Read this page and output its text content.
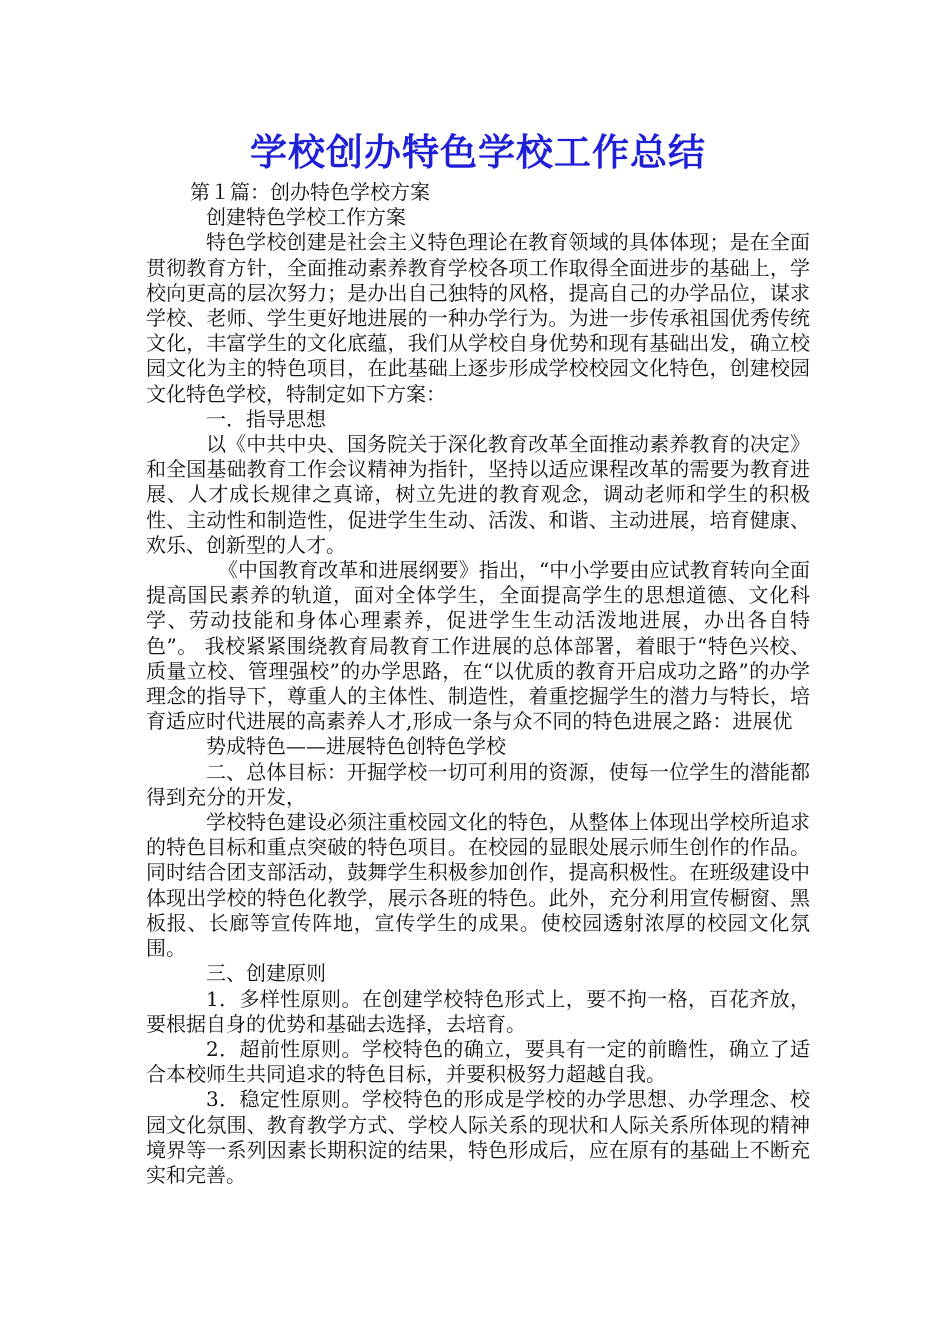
学校创办特色学校工作总结

第１篇：创办特色学校方案

创建特色学校工作方案

特色学校创建是社会主义特色理论在教育领域的具体体现；是在全面贯彻教育方针，全面推动素养教育学校各项工作取得全面进步的基础上，学校向更高的层次努力；是办出自己独特的风格，提高自己的办学品位，谋求学校、老师、学生更好地进展的一种办学行为。为进一步传承祖国优秀传统文化，丰富学生的文化底蕴，我们从学校自身优势和现有基础出发，确立校园文化为主的特色项目，在此基础上逐步形成学校校园文化特色，创建校园文化特色学校，特制定如下方案：

一．指导思想

以《中共中央、国务院关于深化教育改革全面推动素养教育的决定》和全国基础教育工作会议精神为指针，坚持以适应课程改革的需要为教育进展、人才成长规律之真谛，树立先进的教育观念，调动老师和学生的积极性、主动性和制造性，促进学生生动、活泼、和谐、主动进展，培育健康、欢乐、创新型的人才。

《中国教育改革和进展纲要》指出，“中小学要由应试教育转向全面提高国民素养的轨道，面对全体学生，全面提高学生的思想道德、文化科学、劳动技能和身体心理素养，促进学生生动活泼地进展，办出各自特色”。 我校紧紧围绕教育局教育工作进展的总体部署，着眼于“特色兴校、质量立校、管理强校”的办学思路，在“以优质的教育开启成功之路”的办学理念的指导下，尊重人的主体性、制造性，着重挖掘学生的潜力与特长，培育适应时代进展的高素养人才,形成一条与众不同的特色进展之路：进展优

势成特色——进展特色创特色学校

二、总体目标：开掘学校一切可利用的资源，使每一位学生的潜能都得到充分的开发，

学校特色建设必须注重校园文化的特色，从整体上体现出学校所追求的特色目标和重点突破的特色项目。在校园的显眼处展示师生创作的作品。同时结合团支部活动，鼓舞学生积极参加创作，提高积极性。在班级建设中体现出学校的特色化教学，展示各班的特色。此外，充分利用宣传橱窗、黑板报、长廊等宣传阵地，宣传学生的成果。使校园透射浓厚的校园文化氛围。

三、创建原则

1．多样性原则。在创建学校特色形式上，要不拘一格，百花齐放，要根据自身的优势和基础去选择，去培育。

2．超前性原则。学校特色的确立，要具有一定的前瞻性，确立了适合本校师生共同追求的特色目标，并要积极努力超越自我。

3．稳定性原则。学校特色的形成是学校的办学思想、办学理念、校园文化氛围、教育教学方式、学校人际关系的现状和人际关系所体现的精神境界等一系列因素长期积淀的结果，特色形成后，应在原有的基础上不断充实和完善。
